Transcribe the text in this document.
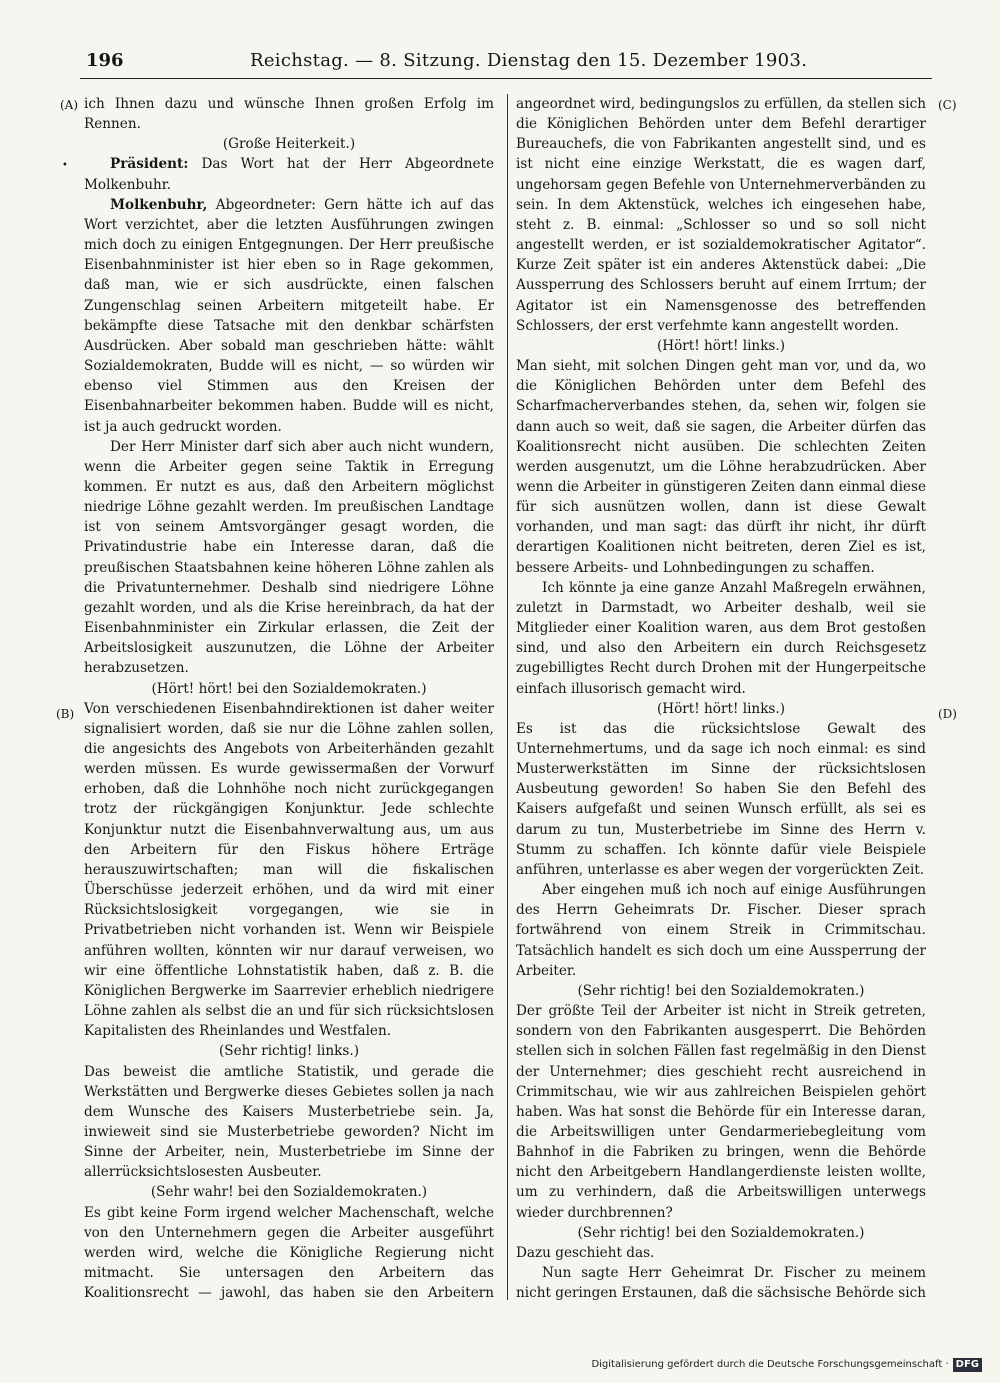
196	Reichstag. — 8. Sitzung. Dienstag den 15. Dezember 1903.
(A)
•
(B)
(C)
(D)

ich Ihnen dazu und wünsche Ihnen großen Erfolg im Rennen.

(Große Heiterkeit.)

Präsident: Das Wort hat der Herr Abgeordnete Molkenbuhr.

Molkenbuhr, Abgeordneter: Gern hätte ich auf das Wort verzichtet, aber die letzten Ausführungen zwingen mich doch zu einigen Entgegnungen. Der Herr preußische Eisenbahnminister ist hier eben so in Rage gekommen, daß man, wie er sich ausdrückte, einen falschen Zungenschlag seinen Arbeitern mitgeteilt habe. Er bekämpfte diese Tatsache mit den denkbar schärfsten Ausdrücken. Aber sobald man geschrieben hätte: wählt Sozialdemokraten, Budde will es nicht, — so würden wir ebenso viel Stimmen aus den Kreisen der Eisenbahnarbeiter bekommen haben. Budde will es nicht, ist ja auch gedruckt worden.

Der Herr Minister darf sich aber auch nicht wundern, wenn die Arbeiter gegen seine Taktik in Erregung kommen. Er nutzt es aus, daß den Arbeitern möglichst niedrige Löhne gezahlt werden. Im preußischen Landtage ist von seinem Amtsvorgänger gesagt worden, die Privatindustrie habe ein Interesse daran, daß die preußischen Staatsbahnen keine höheren Löhne zahlen als die Privatunternehmer. Deshalb sind niedrigere Löhne gezahlt worden, und als die Krise hereinbrach, da hat der Eisenbahnminister ein Zirkular erlassen, die Zeit der Arbeitslosigkeit auszunutzen, die Löhne der Arbeiter herabzusetzen.

(Hört! hört! bei den Sozialdemokraten.)

Von verschiedenen Eisenbahndirektionen ist daher weiter signalisiert worden, daß sie nur die Löhne zahlen sollen, die angesichts des Angebots von Arbeiterhänden gezahlt werden müssen. Es wurde gewissermaßen der Vorwurf erhoben, daß die Lohnhöhe noch nicht zurückgegangen trotz der rückgängigen Konjunktur. Jede schlechte Konjunktur nutzt die Eisenbahnverwaltung aus, um aus den Arbeitern für den Fiskus höhere Erträge herauszuwirtschaften; man will die fiskalischen Überschüsse jederzeit erhöhen, und da wird mit einer Rücksichtslosigkeit vorgegangen, wie sie in Privatbetrieben nicht vorhanden ist. Wenn wir Beispiele anführen wollten, könnten wir nur darauf verweisen, wo wir eine öffentliche Lohnstatistik haben, daß z. B. die Königlichen Bergwerke im Saarrevier erheblich niedrigere Löhne zahlen als selbst die an und für sich rücksichtslosen Kapitalisten des Rheinlandes und Westfalen.

(Sehr richtig! links.)

Das beweist die amtliche Statistik, und gerade die Werkstätten und Bergwerke dieses Gebietes sollen ja nach dem Wunsche des Kaisers Musterbetriebe sein. Ja, inwieweit sind sie Musterbetriebe geworden? Nicht im Sinne der Arbeiter, nein, Musterbetriebe im Sinne der allerrücksichtslosesten Ausbeuter.

(Sehr wahr! bei den Sozialdemokraten.)

Es gibt keine Form irgend welcher Machenschaft, welche von den Unternehmern gegen die Arbeiter ausgeführt werden wird, welche die Königliche Regierung nicht mitmacht. Sie untersagen den Arbeitern das Koalitionsrecht — jawohl, das haben sie den Arbeitern

angeordnet wird, bedingungslos zu erfüllen, da stellen sich die Königlichen Behörden unter dem Befehl derartiger Bureauchefs, die von Fabrikanten angestellt sind, und es ist nicht eine einzige Werkstatt, die es wagen darf, ungehorsam gegen Befehle von Unternehmerverbänden zu sein. In dem Aktenstück, welches ich eingesehen habe, steht z. B. einmal: „Schlosser so und so soll nicht angestellt werden, er ist sozialdemokratischer Agitator“. Kurze Zeit später ist ein anderes Aktenstück dabei: „Die Aussperrung des Schlossers beruht auf einem Irrtum; der Agitator ist ein Namensgenosse des betreffenden Schlossers, der erst verfehmte kann angestellt worden.

(Hört! hört! links.)

Man sieht, mit solchen Dingen geht man vor, und da, wo die Königlichen Behörden unter dem Befehl des Scharfmacherverbandes stehen, da, sehen wir, folgen sie dann auch so weit, daß sie sagen, die Arbeiter dürfen das Koalitionsrecht nicht ausüben. Die schlechten Zeiten werden ausgenutzt, um die Löhne herabzudrücken. Aber wenn die Arbeiter in günstigeren Zeiten dann einmal diese für sich ausnützen wollen, dann ist diese Gewalt vorhanden, und man sagt: das dürft ihr nicht, ihr dürft derartigen Koalitionen nicht beitreten, deren Ziel es ist, bessere Arbeits- und Lohnbedingungen zu schaffen.

Ich könnte ja eine ganze Anzahl Maßregeln erwähnen, zuletzt in Darmstadt, wo Arbeiter deshalb, weil sie Mitglieder einer Koalition waren, aus dem Brot gestoßen sind, und also den Arbeitern ein durch Reichsgesetz zugebilligtes Recht durch Drohen mit der Hungerpeitsche einfach illusorisch gemacht wird.

(Hört! hört! links.)

Es ist das die rücksichtslose Gewalt des Unternehmertums, und da sage ich noch einmal: es sind Musterwerkstätten im Sinne der rücksichtslosen Ausbeutung geworden! So haben Sie den Befehl des Kaisers aufgefaßt und seinen Wunsch erfüllt, als sei es darum zu tun, Musterbetriebe im Sinne des Herrn v. Stumm zu schaffen. Ich könnte dafür viele Beispiele anführen, unterlasse es aber wegen der vorgerückten Zeit.

Aber eingehen muß ich noch auf einige Ausführungen des Herrn Geheimrats Dr. Fischer. Dieser sprach fortwährend von einem Streik in Crimmitschau. Tatsächlich handelt es sich doch um eine Aussperrung der Arbeiter.

(Sehr richtig! bei den Sozialdemokraten.)

Der größte Teil der Arbeiter ist nicht in Streik getreten, sondern von den Fabrikanten ausgesperrt. Die Behörden stellen sich in solchen Fällen fast regelmäßig in den Dienst der Unternehmer; dies geschieht recht ausreichend in Crimmitschau, wie wir aus zahlreichen Beispielen gehört haben. Was hat sonst die Behörde für ein Interesse daran, die Arbeitswilligen unter Gendarmeriebegleitung vom Bahnhof in die Fabriken zu bringen, wenn die Behörde nicht den Arbeitgebern Handlangerdienste leisten wollte, um zu verhindern, daß die Arbeitswilligen unterwegs wieder durchbrennen?

(Sehr richtig! bei den Sozialdemokraten.)

Dazu geschieht das.

Nun sagte Herr Geheimrat Dr. Fischer zu meinem nicht geringen Erstaunen, daß die sächsische Behörde sich

Digitalisierung gefördert durch die Deutsche Forschungsgemeinschaft · DFG
